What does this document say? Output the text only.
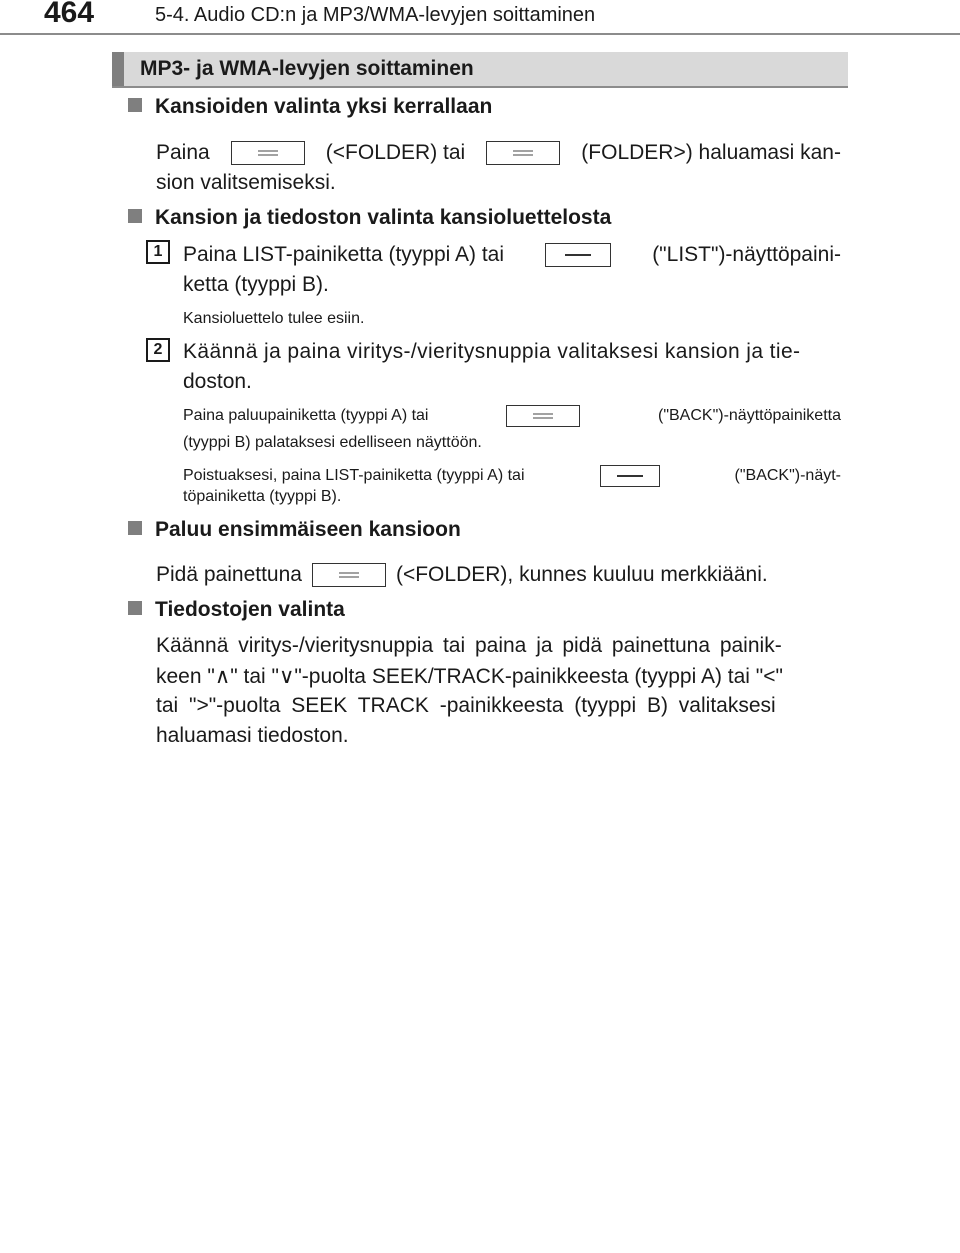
464	5-4. Audio CD:n ja MP3/WMA-levyjen soittaminen
MP3- ja WMA-levyjen soittaminen
Kansioiden valinta yksi kerrallaan
Paina	(<FOLDER) tai	(FOLDER>) haluamasi kan-
sion valitsemiseksi.
Kansion ja tiedoston valinta kansioluettelosta
1 Paina LIST-painiketta (tyyppi A) tai	("LIST")-näyttöpaini-
ketta (tyyppi B).
Kansioluettelo tulee esiin.
2 Käännä ja paina viritys-/vieritysnuppia valitaksesi kansion ja tie-
doston.
Paina paluupainiketta (tyyppi A) tai	("BACK")-näyttöpainiketta
(tyyppi B) palataksesi edelliseen näyttöön.
Poistuaksesi, paina LIST-painiketta (tyyppi A) tai	("BACK")-näyt-
töpainiketta (tyyppi B).
Paluu ensimmäiseen kansioon
Pidä painettuna	(<FOLDER), kunnes kuuluu merkkiääni.
Tiedostojen valinta
Käännä viritys-/vieritysnuppia tai paina ja pidä painettuna painik-
keen "∧" tai "∨"-puolta SEEK/TRACK-painikkeesta (tyyppi A) tai "<"
tai ">"-puolta SEEK TRACK -painikkeesta (tyyppi B) valitaksesi
haluamasi tiedoston.
